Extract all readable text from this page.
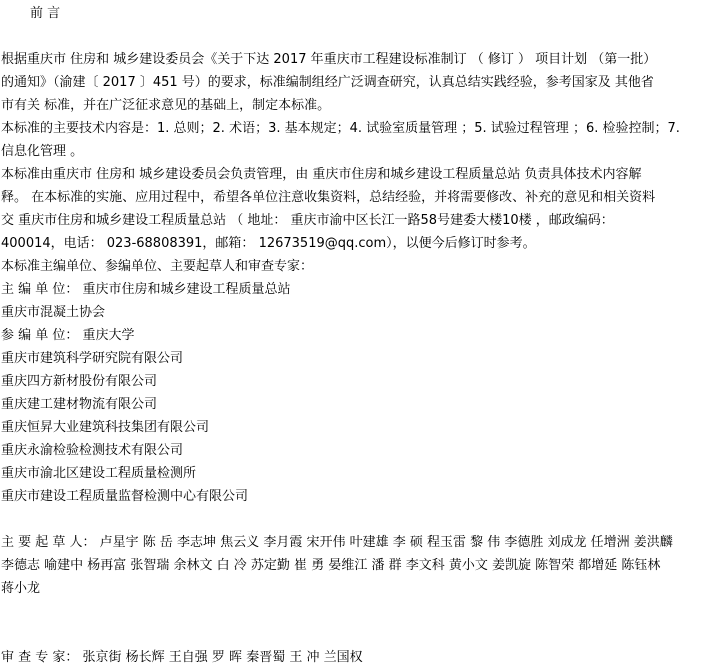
前 言
根据重庆市 住房和 城乡建设委员会《关于下达 2017 年重庆市工程建设标准制订 （ 修订 ） 项目计划 （第一批）
的通知》（渝建〔 2017 〕451 号）的要求，标准编制组经广泛调查研究，认真总结实践经验，参考国家及 其他省
市有关 标准，并在广泛征求意见的基础上，制定本标准。
本标准的主要技术内容是：1. 总则；2. 术语；3. 基本规定；4. 试验室质量管理 ；5. 试验过程管理 ；6. 检验控制；7.
信息化管理 。
本标准由重庆市 住房和 城乡建设委员会负责管理，由 重庆市住房和城乡建设工程质量总站 负责具体技术内容解
释。 在本标准的实施、应用过程中，希望各单位注意收集资料，总结经验，并将需要修改、补充的意见和相关资料
交 重庆市住房和城乡建设工程质量总站 （ 地址： 重庆市渝中区长江一路58号建委大楼10楼 ，邮政编码：
400014，电话： 023-68808391，邮箱： 12673519@qq.com），以便今后修订时参考。
本标准主编单位、参编单位、主要起草人和审查专家：
主 编 单 位： 重庆市住房和城乡建设工程质量总站
重庆市混凝土协会
参 编 单 位： 重庆大学
重庆市建筑科学研究院有限公司
重庆四方新材股份有限公司
重庆建工建材物流有限公司
重庆恒昇大业建筑科技集团有限公司
重庆永渝检验检测技术有限公司
重庆市渝北区建设工程质量检测所
重庆市建设工程质量监督检测中心有限公司
主 要 起 草 人： 卢星宇 陈 岳 李志坤 焦云义 李月霞 宋开伟 叶建雄 李 硕 程玉雷 黎 伟 李德胜 刘成龙 任增洲 姜洪麟
李德志 喻建中 杨再富 张智瑞 余林文 白 冷 苏定勤 崔 勇 晏维江 潘 群 李文科 黄小文 姜凯旋 陈智荣 都增延 陈钰林
蒋小龙
审 查 专 家： 张京街 杨长辉 王自强 罗 晖 秦晋蜀 王 冲 兰国权
